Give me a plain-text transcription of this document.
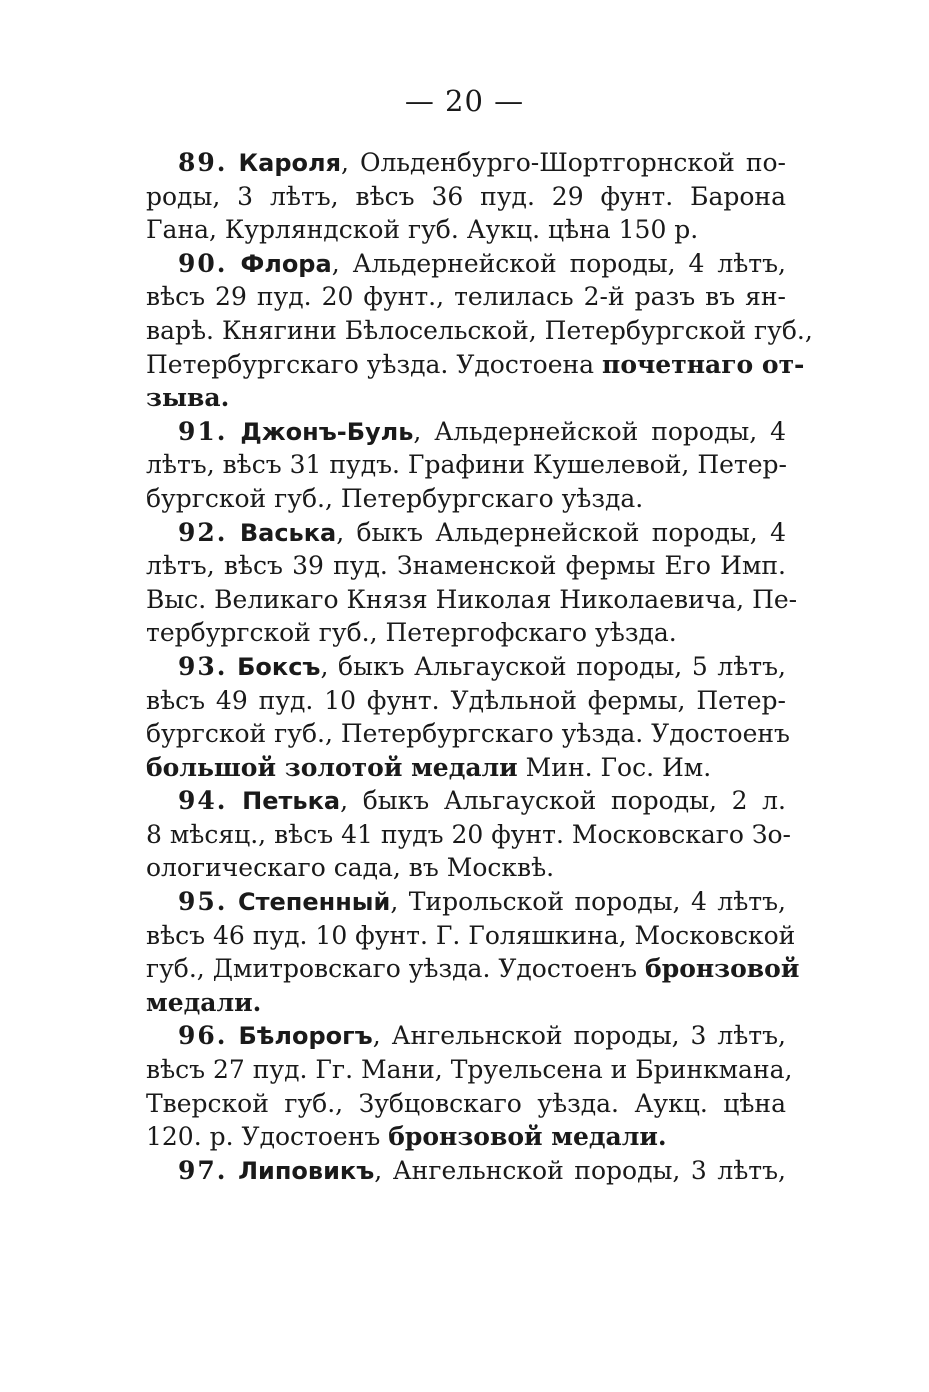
— 20 —
89. Кароля, Ольденбурго-Шортгорнской по-
роды, 3 лѣтъ, вѣсъ 36 пуд. 29 фунт. Барона
Гана, Курляндской губ. Аукц. цѣна 150 р.
90. Флора, Альдернейской породы, 4 лѣтъ,
вѣсъ 29 пуд. 20 фунт., телилась 2-й разъ въ ян-
варѣ. Княгини Бѣлосельской, Петербургской губ.,
Петербургскаго уѣзда. Удостоена почетнаго от-
зыва.
91. Джонъ-Буль, Альдернейской породы, 4
лѣтъ, вѣсъ 31 пудъ. Графини Кушелевой, Петер-
бургской губ., Петербургскаго уѣзда.
92. Васька, быкъ Альдернейской породы, 4
лѣтъ, вѣсъ 39 пуд. Знаменской фермы Его Имп.
Выс. Великаго Князя Николая Николаевича, Пе-
тербургской губ., Петергофскаго уѣзда.
93. Боксъ, быкъ Альгауской породы, 5 лѣтъ,
вѣсъ 49 пуд. 10 фунт. Удѣльной фермы, Петер-
бургской губ., Петербургскаго уѣзда. Удостоенъ
большой золотой медали Мин. Гос. Им.
94. Петька, быкъ Альгауской породы, 2 л.
8 мѣсяц., вѣсъ 41 пудъ 20 фунт. Московскаго Зо-
ологическаго сада, въ Москвѣ.
95. Степенный, Тирольской породы, 4 лѣтъ,
вѣсъ 46 пуд. 10 фунт. Г. Голяшкина, Московской
губ., Дмитровскаго уѣзда. Удостоенъ бронзовой
медали.
96. Бѣлорогъ, Ангельнской породы, 3 лѣтъ,
вѣсъ 27 пуд. Гг. Мани, Труельсена и Бринкмана,
Тверской губ., Зубцовскаго уѣзда. Аукц. цѣна
120. р. Удостоенъ бронзовой медали.
97. Липовикъ, Ангельнской породы, 3 лѣтъ,
